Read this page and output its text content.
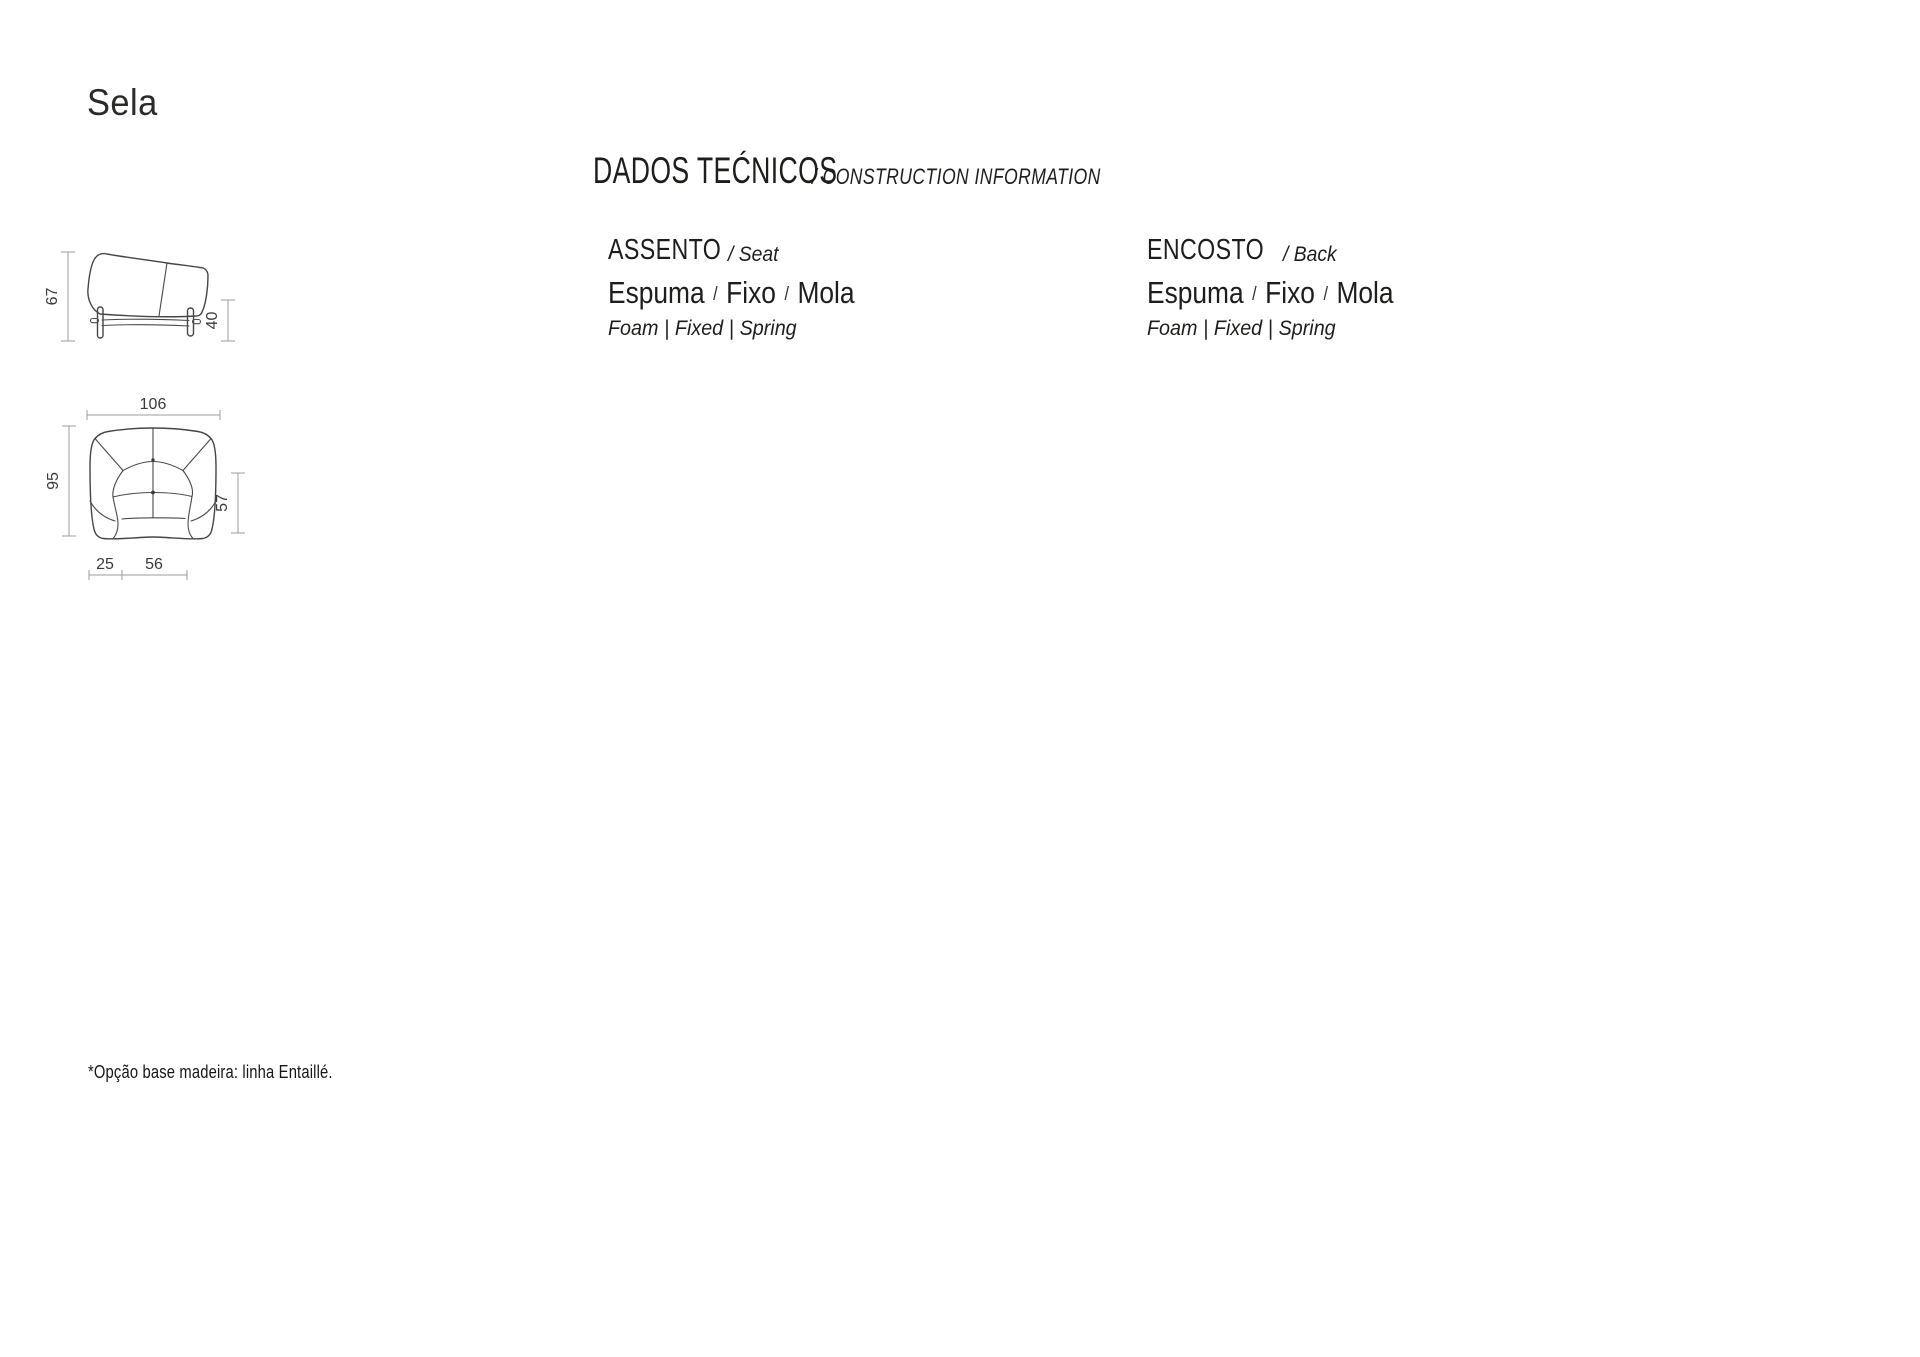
Sela
DADOS TEĆNICOS
/ CONSTRUCTION INFORMATION
ASSENTO / Seat
Espuma / Fixo / Mola
Foam | Fixed | Spring
ENCOSTO / Back
Espuma / Fixo / Mola
Foam | Fixed | Spring
67
40
106
95
57
25 56
*Opção base madeira: linha Entaillé.
